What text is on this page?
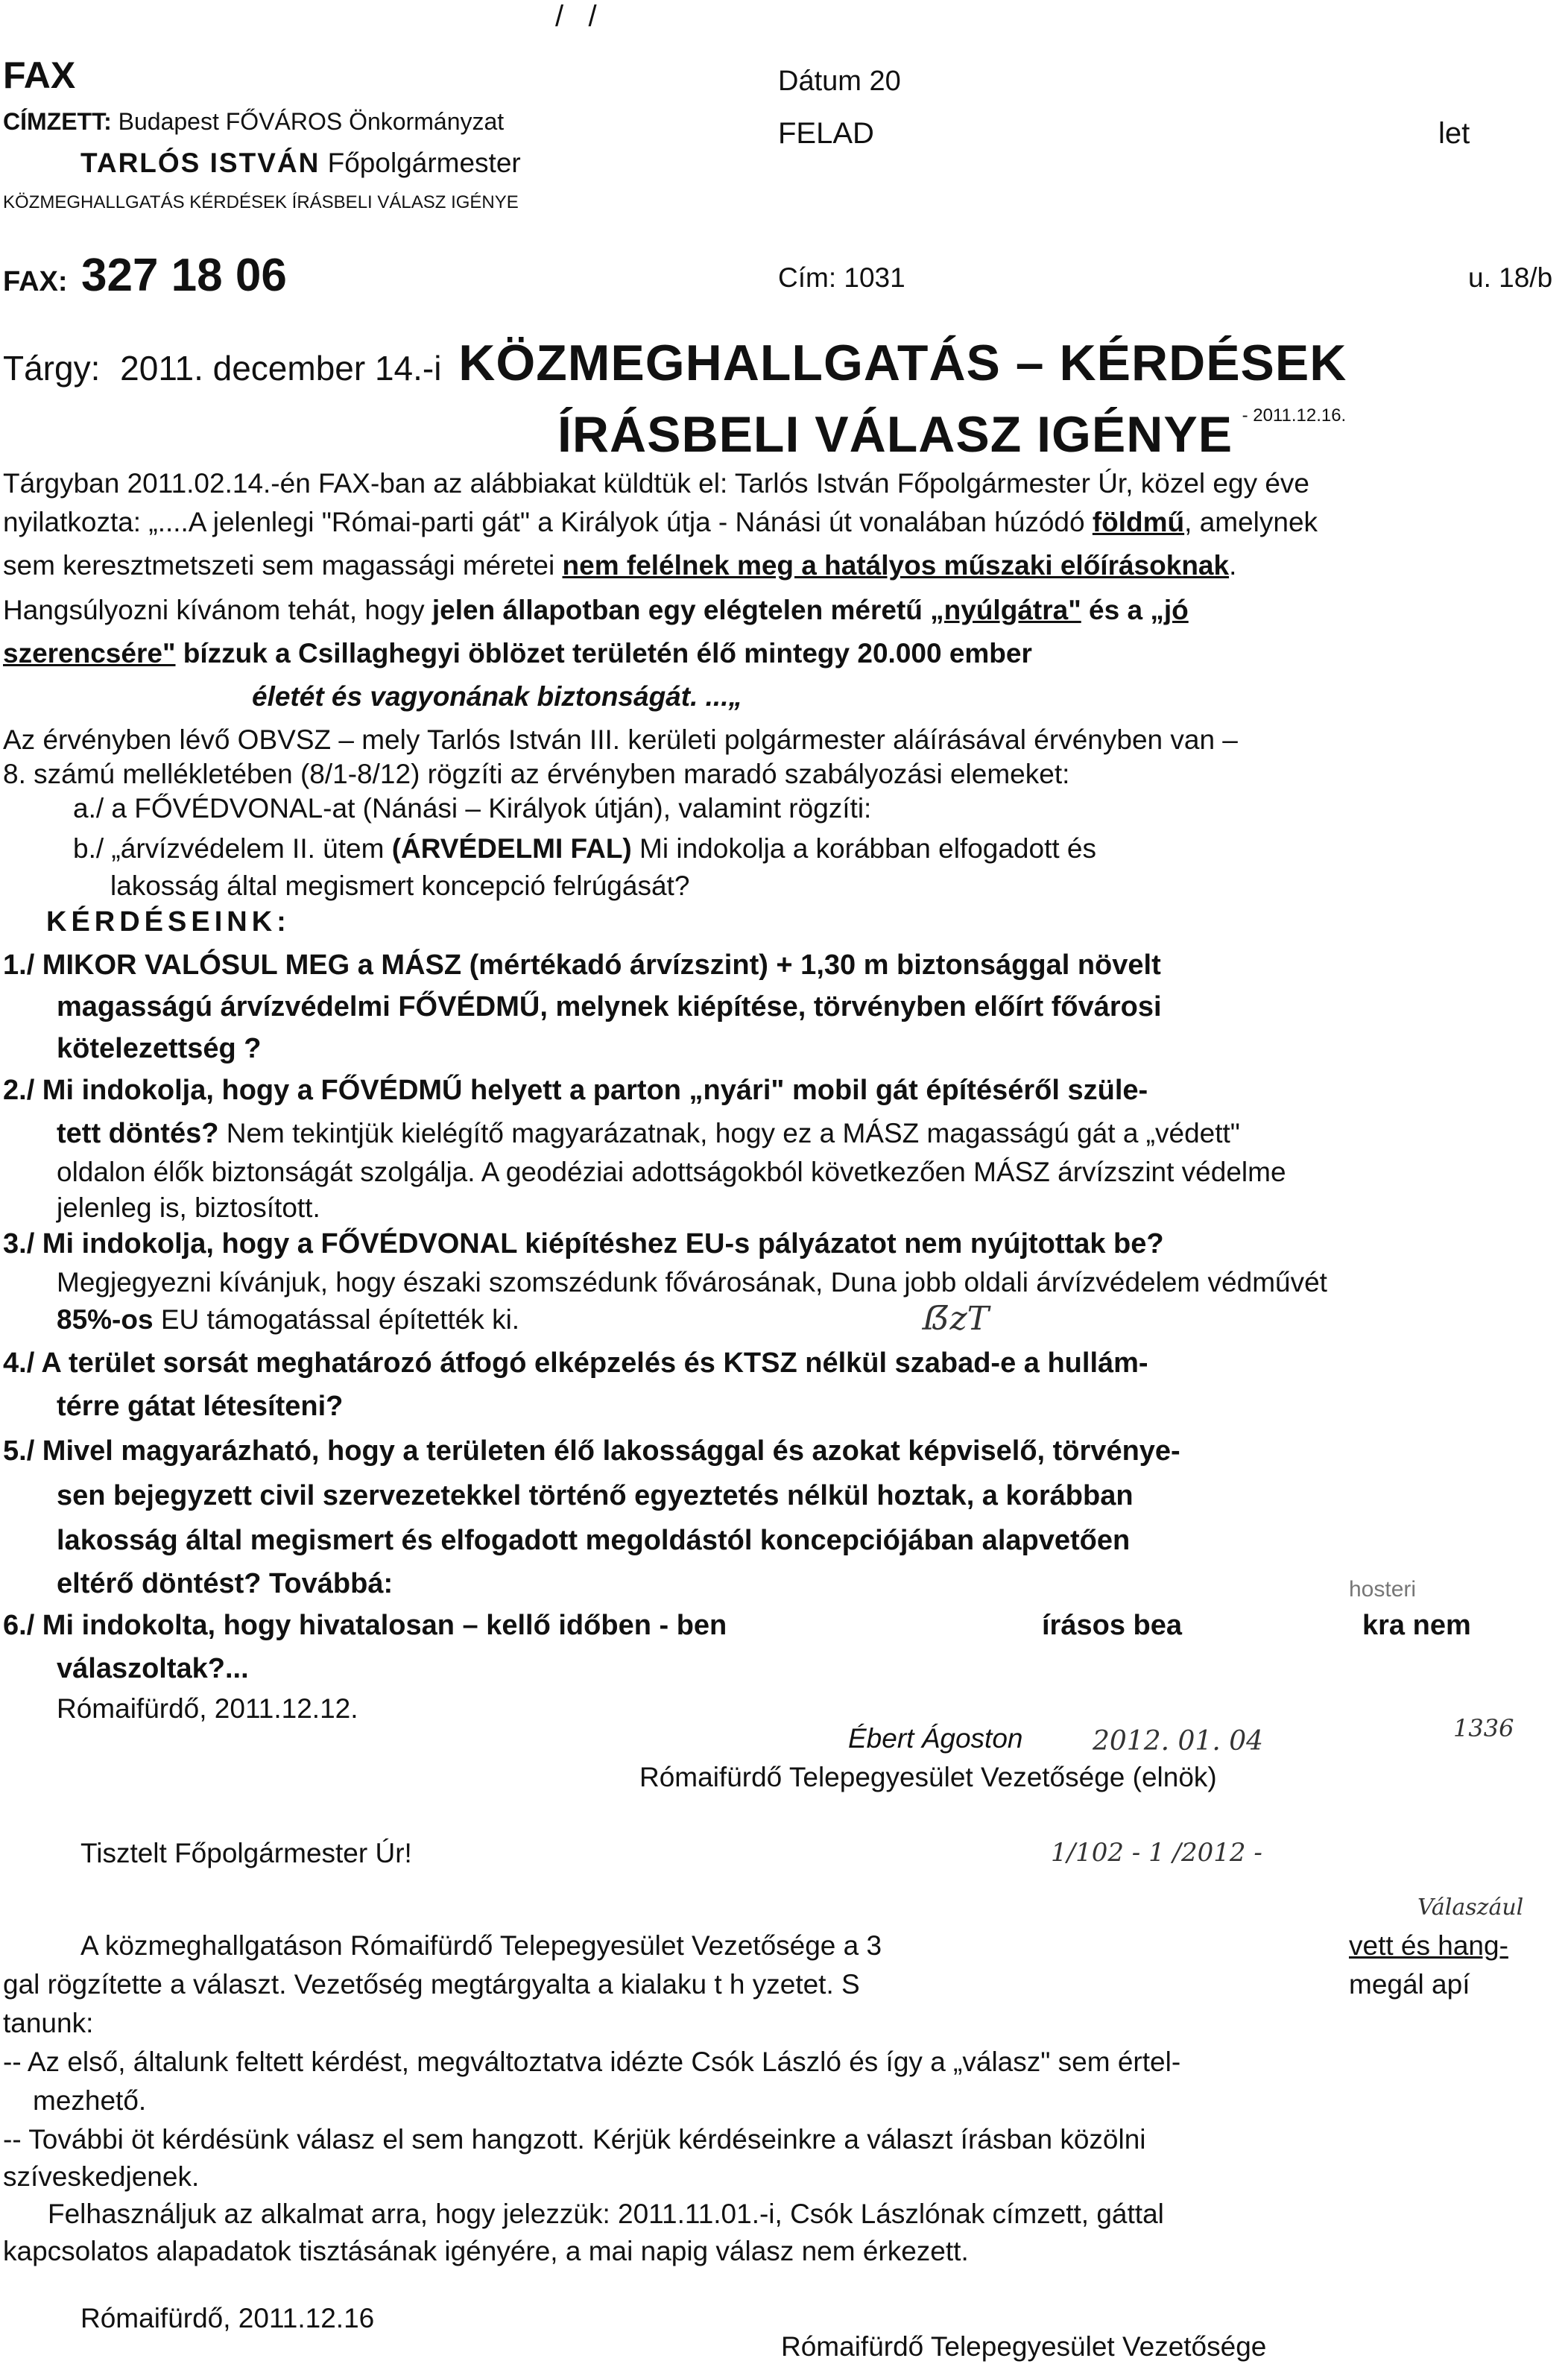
/   /
FAX
CÍMZETT: Budapest FŐVÁROS Önkormányzat
TARLÓS ISTVÁN Főpolgármester
KÖZMEGHALLGATÁS KÉRDÉSEK ÍRÁSBELI VÁLASZ IGÉNYE
FAX: 327 18 06
Dátum 20
FELAD	let
Cím: 1031	u. 18/b
Tárgy: 2011. december 14.-i KÖZMEGHALLGATÁS – KÉRDÉSEK
ÍRÁSBELI VÁLASZ IGÉNYE - 2011.12.16.
Tárgyban 2011.02.14.-én FAX-ban az alábbiakat küldtük el: Tarlós István Főpolgármester Úr, közel egy éve
nyilatkozta: „....A jelenlegi "Római-parti gát" a Királyok útja - Nánási út vonalában húzódó földmű, amelynek
sem keresztmetszeti sem magassági méretei nem felélnek meg a hatályos műszaki előírásoknak.
Hangsúlyozni kívánom tehát, hogy jelen állapotban egy elégtelen méretű „nyúlgátra" és a „jó
szerencsére" bízzuk a Csillaghegyi öblözet területén élő mintegy 20.000 ember
életét és vagyonának biztonságát. ...„
Az érvényben lévő OBVSZ – mely Tarlós István III. kerületi polgármester aláírásával érvényben van –
8. számú mellékletében (8/1-8/12) rögzíti az érvényben maradó szabályozási elemeket:
a./ a FŐVÉDVONAL-at (Nánási – Királyok útján), valamint rögzíti:
b./ „árvízvédelem II. ütem (ÁRVÉDELMI FAL) Mi indokolja a korábban elfogadott és
lakosság által megismert koncepció felrúgását?
KÉRDÉSEINK:
1./ MIKOR VALÓSUL MEG a MÁSZ (mértékadó árvízszint) + 1,30 m biztonsággal növelt
magasságú árvízvédelmi FŐVÉDMŰ, melynek kiépítése, törvényben előírt fővárosi
kötelezettség ?
2./ Mi indokolja, hogy a FŐVÉDMŰ helyett a parton „nyári" mobil gát építéséről szüle-
tett döntés? Nem tekintjük kielégítő magyarázatnak, hogy ez a MÁSZ magasságú gát a „védett"
oldalon élők biztonságát szolgálja. A geodéziai adottságokból következően MÁSZ árvízszint védelme
jelenleg is, biztosított.
3./ Mi indokolja, hogy a FŐVÉDVONAL kiépítéshez EU-s pályázatot nem nyújtottak be?
Megjegyezni kívánjuk, hogy északi szomszédunk fővárosának, Duna jobb oldali árvízvédelem védművét
85%-os EU támogatással építették ki.	ẞzT
4./ A terület sorsát meghatározó átfogó elképzelés és KTSZ nélkül szabad-e a hullám-
térre gátat létesíteni?
5./ Mivel magyarázható, hogy a területen élő lakossággal és azokat képviselő, törvénye-
sen bejegyzett civil szervezetekkel történő egyeztetés nélkül hoztak, a korábban
lakosság által megismert és elfogadott megoldástól koncepciójában alapvetően
eltérő döntést? Továbbá:
6./ Mi indokolta, hogy hivatalosan – kellő időben - ben	írásos bea	kra nem
hosteri
válaszoltak?...
Rómaifürdő, 2011.12.12.
Ébert Ágoston	2012. 01. 04	1336
Rómaifürdő Telepegyesület Vezetősége (elnök)
Tisztelt Főpolgármester Úr!	1/102 - 1 /2012 -
Válaszául
A közmeghallgatáson Rómaifürdő Telepegyesület Vezetősége a 3	vett és hang-
gal rögzítette a választ. Vezetőség megtárgyalta a kialaku t h yzetet. S	megál apí
tanunk:
-- Az első, általunk feltett kérdést, megváltoztatva idézte Csók László és így a „válasz" sem értel-
mezhető.
-- További öt kérdésünk válasz el sem hangzott. Kérjük kérdéseinkre a választ írásban közölni
szíveskedjenek.
Felhasználjuk az alkalmat arra, hogy jelezzük: 2011.11.01.-i, Csók Lászlónak címzett, gáttal
kapcsolatos alapadatok tisztásának igényére, a mai napig válasz nem érkezett.
Rómaifürdő, 2011.12.16
Rómaifürdő Telepegyesület Vezetősége
